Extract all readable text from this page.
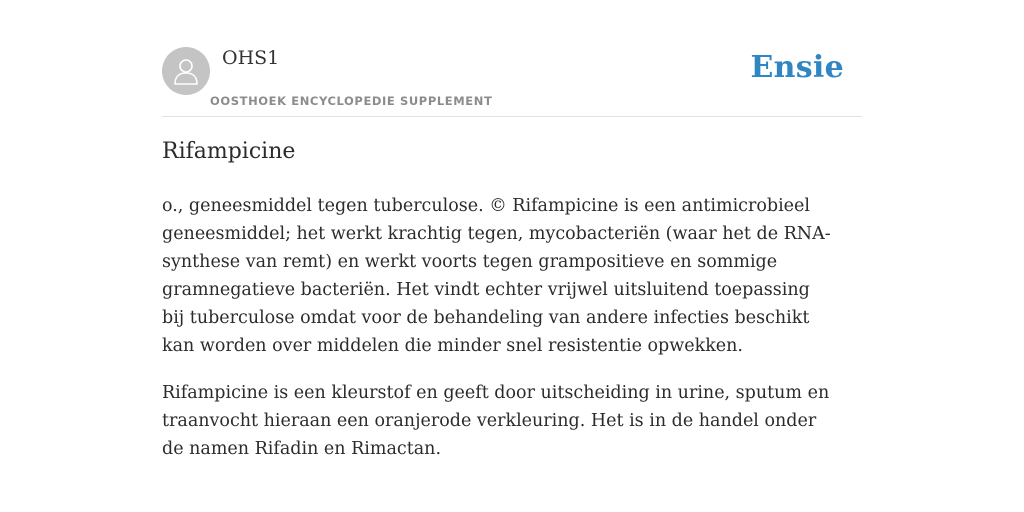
OHS1
OOSTHOEK ENCYCLOPEDIE SUPPLEMENT
Ensie
Rifampicine

o., geneesmiddel tegen tuberculose. © Rifampicine is een antimicrobieel geneesmiddel; het werkt krachtig tegen, mycobacteriën (waar het de RNA-synthese van remt) en werkt voorts tegen grampositieve en sommige gramnegatieve bacteriën. Het vindt echter vrijwel uitsluitend toepassing bij tuberculose omdat voor de behandeling van andere infecties beschikt kan worden over middelen die minder snel resistentie opwekken.

Rifampicine is een kleurstof en geeft door uitscheiding in urine, sputum en traanvocht hieraan een oranjerode verkleuring. Het is in de handel onder de namen Rifadin en Rimactan.
